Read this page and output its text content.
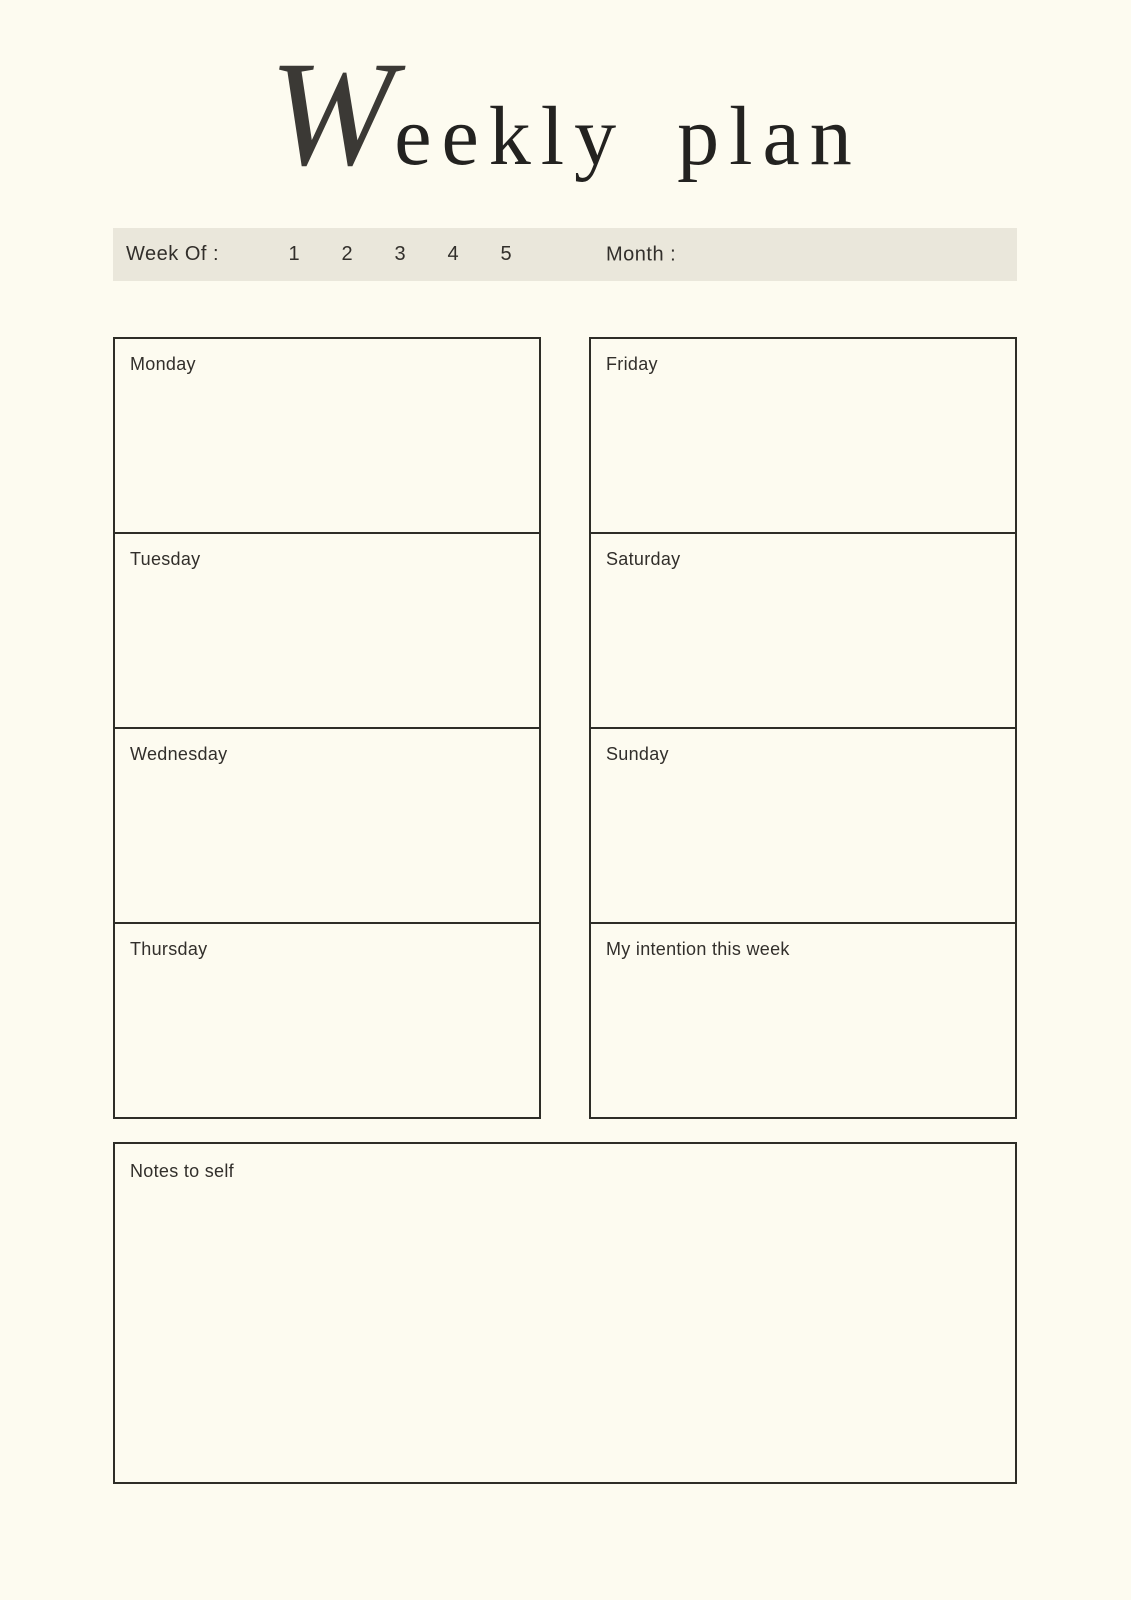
Weekly plan
Week Of :	1 2 3 4 5	Month :
Monday
Tuesday
Wednesday
Thursday
Friday
Saturday
Sunday
My intention this week
Notes to self
